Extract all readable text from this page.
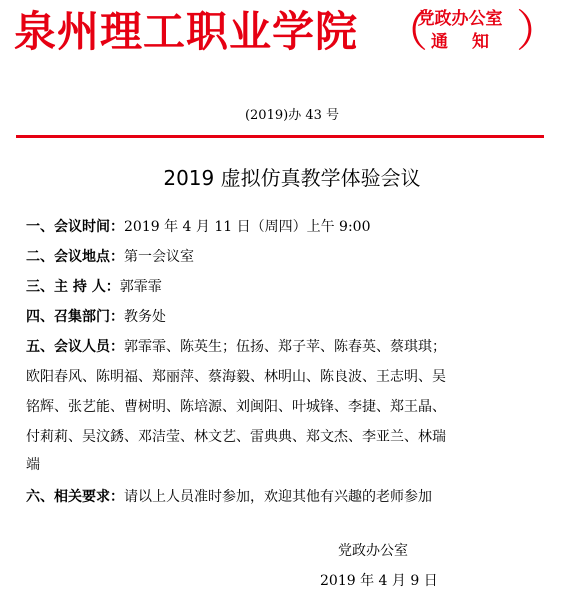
泉州理工职业学院 （
党政办公室
通知 ）
(2019)办 43 号
2019 虚拟仿真教学体验会议
一、会议时间：2019 年 4 月 11 日（周四）上午 9:00
二、会议地点：第一会议室
三、主 持 人：郭霏霏
四、召集部门：教务处
五、会议人员：郭霏霏、陈英生；伍扬、郑子苹、陈春英、蔡琪琪；
欧阳春风、陈明福、郑丽萍、蔡海毅、林明山、陈良波、王志明、吴
铭辉、张艺能、曹树明、陈培源、刘闽阳、叶城锋、李捷、郑王晶、
付莉莉、吴汶銹、邓洁莹、林文艺、雷典典、郑文杰、李亚兰、林瑞
端
六、相关要求：请以上人员准时参加，欢迎其他有兴趣的老师参加
党政办公室
2019 年 4 月 9 日
